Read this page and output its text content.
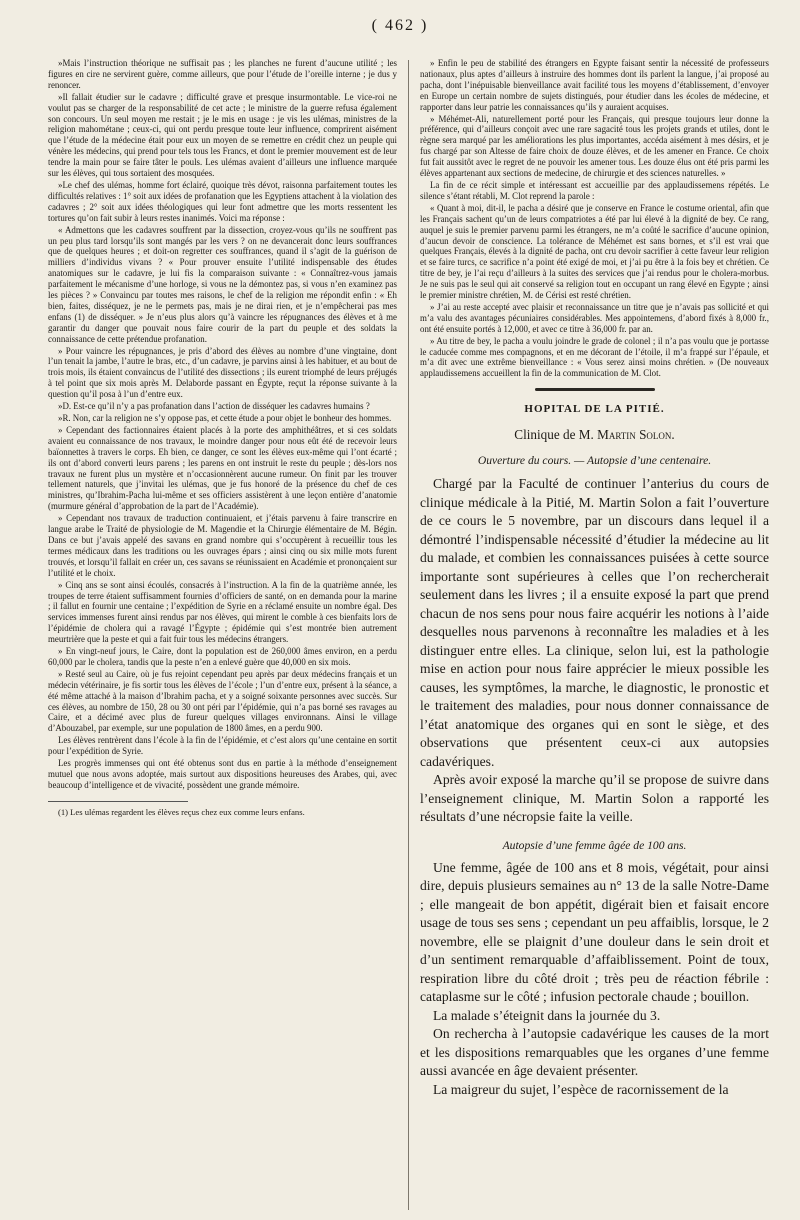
( 462 )

»Mais l’instruction théorique ne suffisait pas ; les planches ne furent d’aucune utilité ; les figures en cire ne servirent guère, comme ailleurs, que pour l’étude de l’oreille interne ; je dus y renoncer.

»Il fallait étudier sur le cadavre ; difficulté grave et presque insurmontable. Le vice-roi ne voulut pas se charger de la responsabilité de cet acte ; le ministre de la guerre refusa également son concours. Un seul moyen me restait ; je le mis en usage : je vis les ulémas, ministres de la religion mahométane ; ceux-ci, qui ont perdu presque toute leur influence, comprirent aisément que l’étude de la médecine était pour eux un moyen de se remettre en crédit chez un peuple qui vénère les médecins, qui prend pour tels tous les Francs, et dont le premier mouvement est de leur tendre la main pour se faire tâter le pouls. Les ulémas avaient d’ailleurs une influence marquée sur les élèves, qui tous sortaient des mosquées.

»Le chef des ulémas, homme fort éclairé, quoique très dévot, raisonna parfaitement toutes les difficultés relatives : 1° soit aux idées de profanation que les Egyptiens attachent à la violation des cadavres ; 2° soit aux idées théologiques qui leur font admettre que les morts ressentent les tortures qu’on fait subir à leurs restes inanimés. Voici ma réponse :

« Admettons que les cadavres souffrent par la dissection, croyez-vous qu’ils ne souffrent pas un peu plus tard lorsqu’ils sont mangés par les vers ? on ne devancerait donc leurs souffrances que de quelques heures ; et doit-on regretter ces souffrances, quand il s’agit de la guérison de milliers d’individus vivans ? « Pour prouver ensuite l’utilité indispensable des études anatomiques sur le cadavre, je lui fis la comparaison suivante : « Connaîtrez-vous jamais parfaitement le mécanisme d’une horloge, si vous ne la démontez pas, si vous n’en examinez pas les pièces ? » Convaincu par toutes mes raisons, le chef de la religion me répondit enfin : « Eh bien, faites, disséquez, je ne le permets pas, mais je ne dirai rien, et je n’empêcherai pas mes enfans (1) de disséquer. » Je n’eus plus alors qu’à vaincre les répugnances des élèves et à me garantir du danger que pouvait nous faire courir de la part du peuple et des soldats la connaissance de cette prétendue profanation.

» Pour vaincre les répugnances, je pris d’abord des élèves au nombre d’une vingtaine, dont l’un tenait la jambe, l’autre le bras, etc., d’un cadavre, je parvins ainsi à les habituer, et au bout de trois mois, ils étaient convaincus de l’utilité des dissections ; ils eurent triomphé de leurs préjugés à tel point que six mois après M. Delaborde passant en Égypte, reçut la réponse suivante à la question qu’il posa à l’un d’entre eux.

»D. Est-ce qu’il n’y a pas profanation dans l’action de disséquer les cadavres humains ?

»R. Non, car la religion ne s’y oppose pas, et cette étude a pour objet le bonheur des hommes.

» Cependant des factionnaires étaient placés à la porte des amphithéâtres, et si ces soldats avaient eu connaissance de nos travaux, le moindre danger pour nous eût été de recevoir leurs baïonnettes à travers le corps. Eh bien, ce danger, ce sont les élèves eux-même qui l’ont écarté ; ils ont d’abord converti leurs parens ; les parens en ont instruit le reste du peuple ; dès-lors nos travaux ne furent plus un mystère et n’occasionnèrent aucune rumeur. On finit par les trouver tellement naturels, que j’invitai les ulémas, que je fus honoré de la présence du chef de ces ministres, qu’Ibrahim-Pacha lui-même et ses officiers assistèrent à une leçon entière d’anatomie (murmure général d’approbation de la part de l’Académie).

» Cependant nos travaux de traduction continuaient, et j’étais parvenu à faire transcrire en langue arabe le Traité de physiologie de M. Magendie et la Chirurgie élémentaire de M. Bégin. Dans ce but j’avais appelé des savans en grand nombre qui s’occupèrent à recueillir tous les termes médicaux dans les traditions ou les ouvrages épars ; ainsi cinq ou six mille mots furent trouvés, et lorsqu’il fallait en créer un, ces savans se réunissaient en Académie et prononçaient sur l’utilité et le choix.

» Cinq ans se sont ainsi écoulés, consacrés à l’instruction. A la fin de la quatrième année, les troupes de terre étaient suffisamment fournies d’officiers de santé, on en demanda pour la marine ; il fallut en fournir une centaine ; l’expédition de Syrie en a réclamé ensuite un nombre égal. Des services immenses furent ainsi rendus par nos élèves, qui mirent le comble à ces bienfaits lors de l’épidémie de cholera qui a ravagé l’Égypte ; épidémie qui s’est montrée bien autrement meurtrière que la peste et qui a fait fuir tous les médecins étrangers.

» En vingt-neuf jours, le Caire, dont la population est de 260,000 âmes environ, en a perdu 60,000 par le cholera, tandis que la peste n’en a enlevé guère que 40,000 en six mois.

» Resté seul au Caire, où je fus rejoint cependant peu après par deux médecins français et un médecin vétérinaire, je fis sortir tous les élèves de l’école ; l’un d’entre eux, présent à la séance, a été même attaché à la maison d’Ibrahim pacha, et y a soigné soixante personnes avec succès. Sur ces élèves, au nombre de 150, 28 ou 30 ont péri par l’épidémie, qui n’a pas borné ses ravages au Caire, et a décimé avec plus de fureur quelques villages environnans. Ainsi le village d’Abouzabel, par exemple, sur une population de 1800 âmes, en a perdu 900.

Les élèves rentrèrent dans l’école à la fin de l’épidémie, et c’est alors qu’une centaine en sortit pour l’expédition de Syrie.

Les progrès immenses qui ont été obtenus sont dus en partie à la méthode d’enseignement mutuel que nous avons adoptée, mais surtout aux dispositions heureuses des Arabes, qui, avec beaucoup d’intelligence et de vivacité, possèdent une grande mémoire.

(1) Les ulémas regardent les élèves reçus chez eux comme leurs enfans.

» Enfin le peu de stabilité des étrangers en Egypte faisant sentir la nécessité de professeurs nationaux, plus aptes d’ailleurs à instruire des hommes dont ils parlent la langue, j’ai proposé au pacha, dont l’inépuisable bienveillance avait facilité tous les moyens d’établissement, d’envoyer en Europe un certain nombre de sujets distingués, pour étudier dans les écoles de médecine, et rapporter dans leur patrie les connaissances qu’ils y auraient acquises.

» Méhémet-Ali, naturellement porté pour les Français, qui presque toujours leur donne la préférence, qui d’ailleurs conçoit avec une rare sagacité tous les projets grands et utiles, dont le règne sera marqué par les améliorations les plus importantes, accéda aisément à mes désirs, et je fus chargé par son Altesse de faire choix de douze élèves, et de les amener en France. Ce choix fut fait aussitôt avec le regret de ne pouvoir les amener tous. Les douze élus ont été pris parmi les élèves appartenant aux sections de medecine, de chirurgie et des sciences naturelles. »

La fin de ce récit simple et intéressant est accueillie par des applaudissemens répétés. Le silence s’étant rétabli, M. Clot reprend la parole :

« Quant à moi, dit-il, le pacha a désiré que je conserve en France le costume oriental, afin que les Français sachent qu’un de leurs compatriotes a été par lui élevé à la dignité de bey. Ce rang, auquel je suis le premier parvenu parmi les étrangers, ne m’a coûté le sacrifice d’aucune opinion, d’aucun devoir de conscience. La tolérance de Méhémet est sans bornes, et s’il est vrai que quelques Français, élevés à la dignité de pacha, ont cru devoir sacrifier à cette faveur leur religion et se faire turcs, ce sacrifice n’a point été exigé de moi, et j’ai pu être à la fois bey et chrétien. Ce titre de bey, je l’ai reçu d’ailleurs à la suites des services que j’ai rendus pour le cholera-morbus. Je ne suis pas le seul qui ait conservé sa religion tout en occupant un rang élevé en Egypte ; ainsi le premier ministre chrétien, M. de Cérisi est resté chrétien.

» J’ai au reste accepté avec plaisir et reconnaissance un titre que je n’avais pas sollicité et qui m’a valu des avantages pécuniaires considérables. Mes appointemens, d’abord fixés à 8,000 fr., ont été ensuite portés à 12,000, et avec ce titre à 36,000 fr. par an.

» Au titre de bey, le pacha a voulu joindre le grade de colonel ; il n’a pas voulu que je portasse le caducée comme mes compagnons, et en me décorant de l’étoile, il m’a frappé sur l’épaule, et m’a dit avec une extrême bienveillance : « Vous serez ainsi moins chrétien. » (De nouveaux applaudissemens accueillent la fin de la communication de M. Clot.

HOPITAL DE LA PITIÉ.
Clinique de M. Martin Solon.
Ouverture du cours. — Autopsie d’une centenaire.

Chargé par la Faculté de continuer l’anterius du cours de clinique médicale à la Pitié, M. Martin Solon a fait l’ouverture de ce cours le 5 novembre, par un discours dans lequel il a démontré l’indispensable nécessité d’étudier la médecine au lit du malade, et combien les connaissances puisées à cette source importante sont supérieures à celles que l’on rechercherait seulement dans les livres ; il a ensuite exposé la part que prend chacun de nos sens pour nous faire acquérir les notions à l’aide desquelles nous parvenons à reconnaître les maladies et à les distinguer entre elles. La clinique, selon lui, est la pathologie mise en action pour nous faire apprécier le mieux possible les causes, les symptômes, la marche, le diagnostic, le pronostic et le traitement des maladies, pour nous donner connaissance de l’état anatomique des organes qui en sont le siège, et des observations que présentent ceux-ci aux autopsies cadavériques.

Après avoir exposé la marche qu’il se propose de suivre dans l’enseignement clinique, M. Martin Solon a rapporté les résultats d’une nécropsie faite la veille.

Autopsie d’une femme âgée de 100 ans.

Une femme, âgée de 100 ans et 8 mois, végétait, pour ainsi dire, depuis plusieurs semaines au n° 13 de la salle Notre-Dame ; elle mangeait de bon appétit, digérait bien et faisait encore usage de tous ses sens ; cependant un peu affaiblis, lorsque, le 2 novembre, elle se plaignit d’une douleur dans le sein droit et d’un sentiment remarquable d’affaiblissement. Point de toux, respiration libre du côté droit ; très peu de réaction fébrile : cataplasme sur le côté ; infusion pectorale chaude ; bouillon.

La malade s’éteignit dans la journée du 3.

On rechercha à l’autopsie cadavérique les causes de la mort et les dispositions remarquables que les organes d’une femme aussi avancée en âge devaient présenter.

La maigreur du sujet, l’espèce de racornissement de la
